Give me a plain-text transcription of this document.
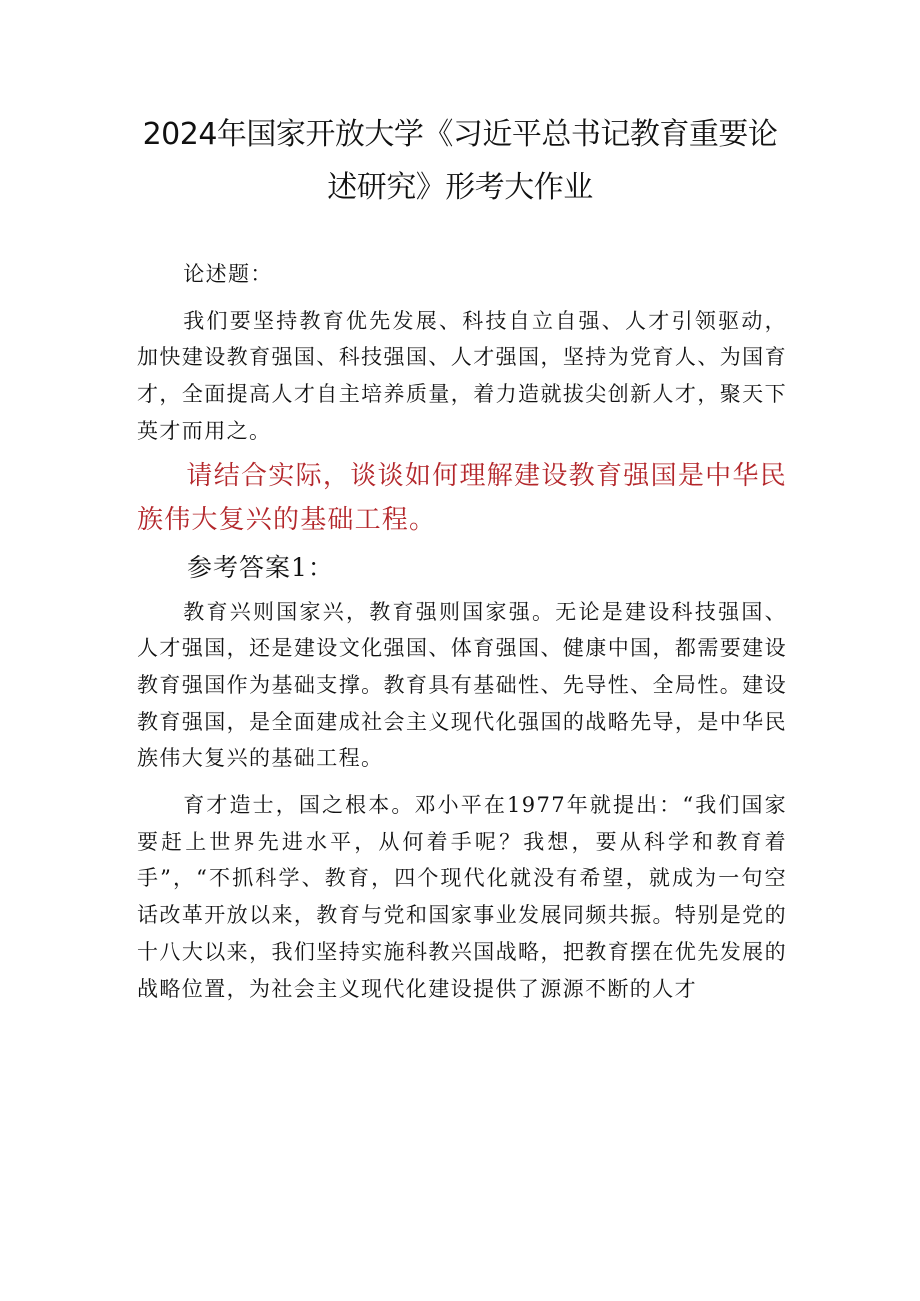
2024年国家开放大学《习近平总书记教育重要论述研究》形考大作业

论述题：

我们要坚持教育优先发展、科技自立自强、人才引领驱动，加快建设教育强国、科技强国、人才强国，坚持为党育人、为国育才，全面提高人才自主培养质量，着力造就拔尖创新人才，聚天下英才而用之。

请结合实际，谈谈如何理解建设教育强国是中华民族伟大复兴的基础工程。

参考答案1：

教育兴则国家兴，教育强则国家强。无论是建设科技强国、人才强国，还是建设文化强国、体育强国、健康中国，都需要建设教育强国作为基础支撑。教育具有基础性、先导性、全局性。建设教育强国，是全面建成社会主义现代化强国的战略先导，是中华民族伟大复兴的基础工程。

育才造士，国之根本。邓小平在1977年就提出：“我们国家要赶上世界先进水平，从何着手呢？我想，要从科学和教育着手”，“不抓科学、教育，四个现代化就没有希望，就成为一句空话改革开放以来，教育与党和国家事业发展同频共振。特别是党的十八大以来，我们坚持实施科教兴国战略，把教育摆在优先发展的战略位置，为社会主义现代化建设提供了源源不断的人才
